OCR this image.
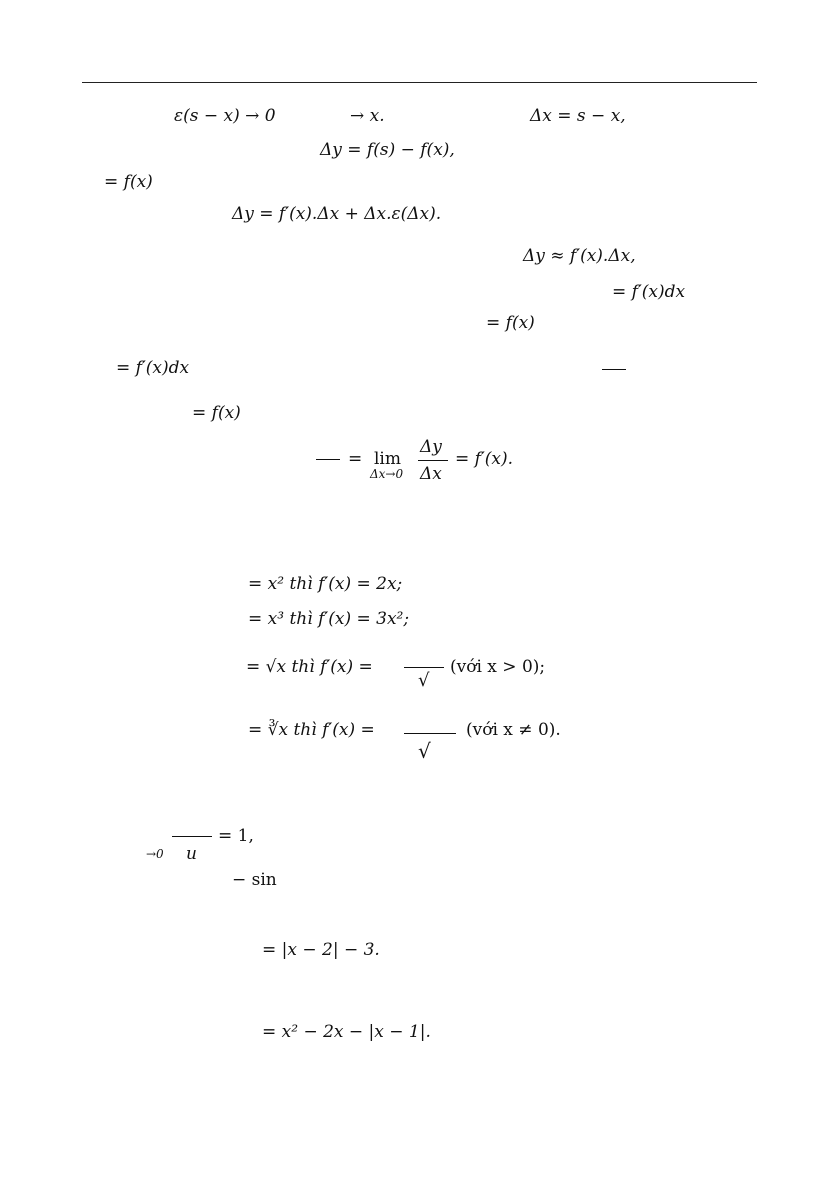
ε(s − x) → 0	→ x.	Δx = s − x,
Δy = f(s) − f(x),
= f(x)
Δy = f′(x).Δx + Δx.ε(Δx).
Δy ≈ f′(x).Δx,
= f′(x)dx
= f(x)
= f′(x)dx
= f(x)
= lim
Δx→0
Δy
Δx
= f′(x).
= x² thì f′(x) = 2x;
= x³ thì f′(x) = 3x²;
= √x thì f′(x) =
√
(với x > 0);
= ∛x thì f′(x) =
√
(với x ≠ 0).
→0 u
= 1,
− sin
= |x − 2| − 3.
= x² − 2x − |x − 1|.
